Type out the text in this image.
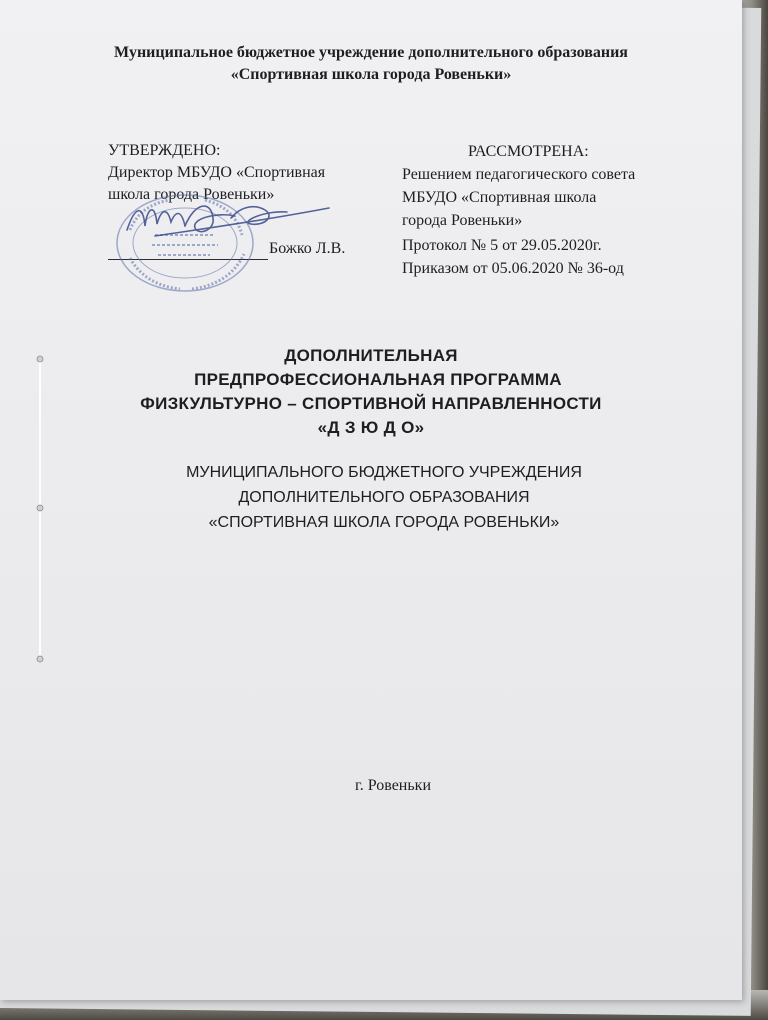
Муниципальное бюджетное учреждение дополнительного образования
«Спортивная школа города Ровеньки»
УТВЕРЖДЕНО:
Директор МБУДО «Спортивная
школа города Ровеньки»
Божко Л.В.
РАССМОТРЕНА:
Решением педагогического совета
МБУДО «Спортивная школа
города Ровеньки»
Протокол № 5 от 29.05.2020г.
Приказом от 05.06.2020 № 36-од
ДОПОЛНИТЕЛЬНАЯ
ПРЕДПРОФЕССИОНАЛЬНАЯ ПРОГРАММА
ФИЗКУЛЬТУРНО – СПОРТИВНОЙ НАПРАВЛЕННОСТИ
«Д З Ю Д О»
МУНИЦИПАЛЬНОГО БЮДЖЕТНОГО УЧРЕЖДЕНИЯ
ДОПОЛНИТЕЛЬНОГО ОБРАЗОВАНИЯ
«СПОРТИВНАЯ ШКОЛА ГОРОДА РОВЕНЬКИ»
г. Ровеньки
